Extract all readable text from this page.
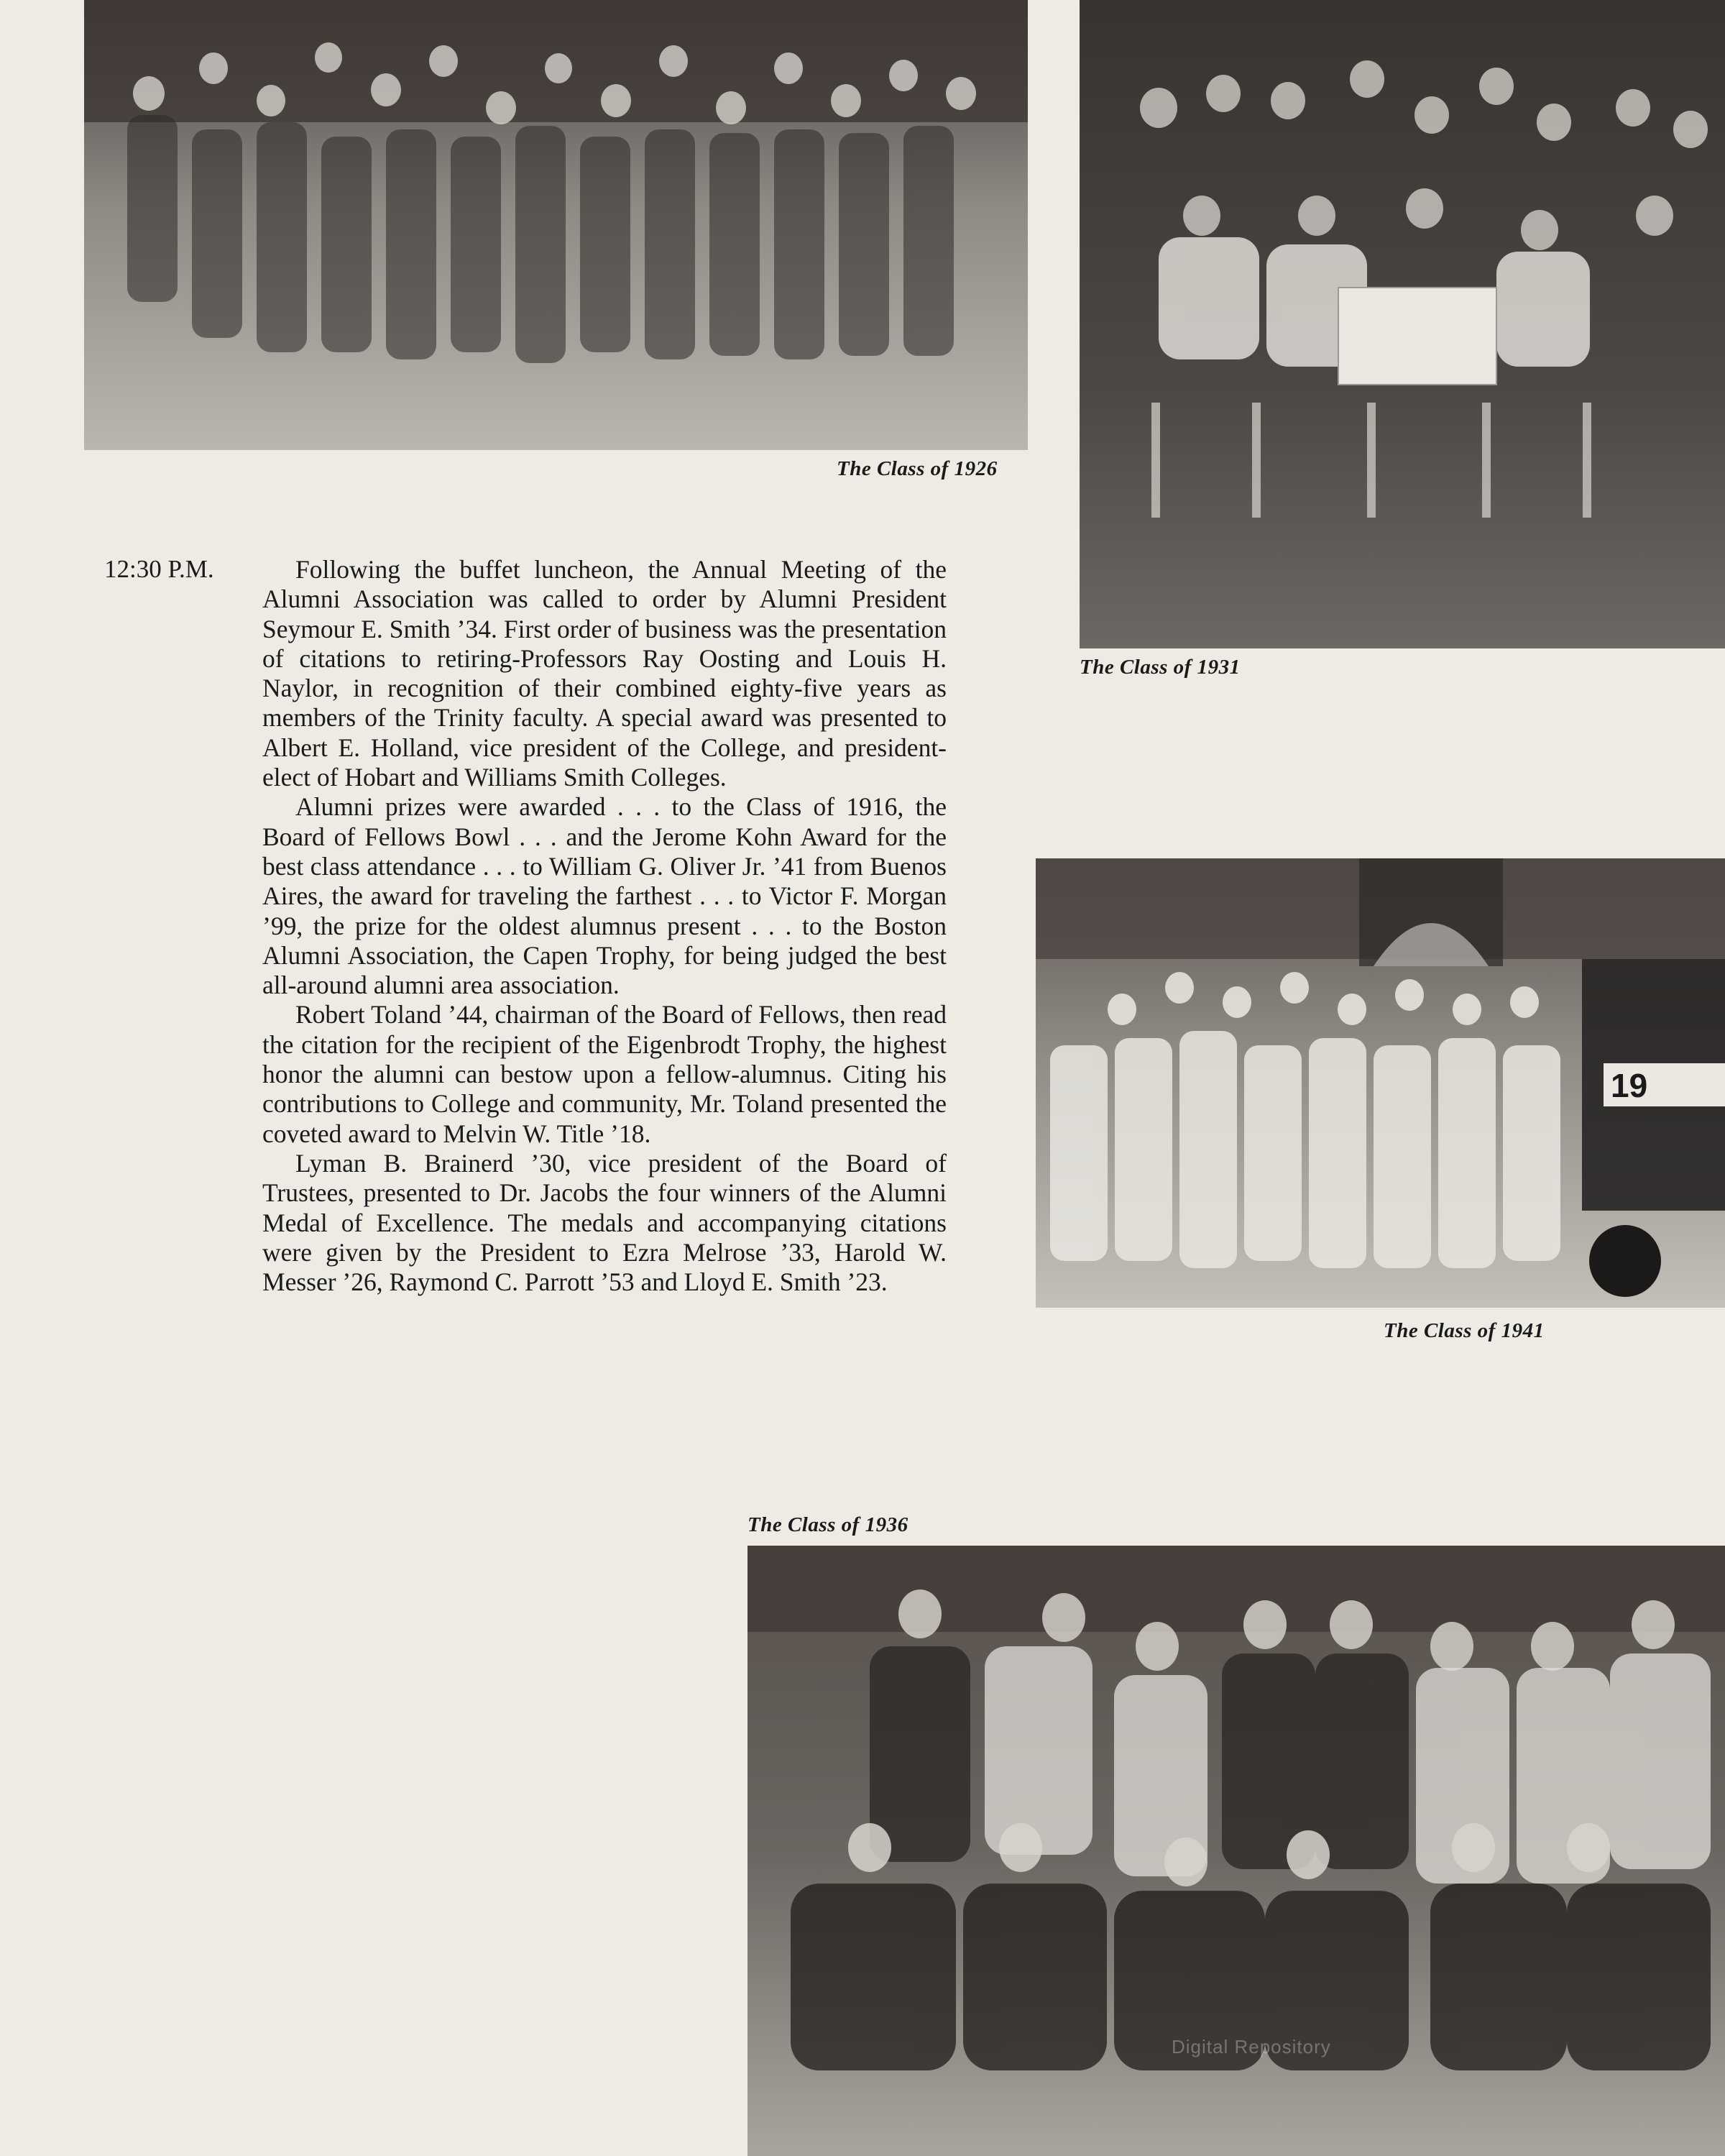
The Class of 1926
The Class of 1931
19
The Class of 1941
The Class of 1936
12:30 P.M.	Following the buffet luncheon, the Annual Meeting of the Alumni Association was called to order by Alumni President Seymour E. Smith ’34. First order of business was the presentation of citations to retiring-Professors Ray Oosting and Louis H. Naylor, in recognition of their combined eighty-five years as members of the Trinity faculty. A special award was presented to Albert E. Holland, vice president of the College, and president-elect of Hobart and Williams Smith Colleges.

Alumni prizes were awarded . . . to the Class of 1916, the Board of Fellows Bowl . . . and the Jerome Kohn Award for the best class attendance . . . to William G. Oliver Jr. ’41 from Buenos Aires, the award for traveling the farthest . . . to Victor F. Morgan ’99, the prize for the oldest alumnus present . . . to the Boston Alumni Association, the Capen Trophy, for being judged the best all-around alumni area association.

Robert Toland ’44, chairman of the Board of Fellows, then read the citation for the recipient of the Eigenbrodt Trophy, the highest honor the alumni can bestow upon a fellow-alumnus. Citing his contributions to College and community, Mr. Toland presented the coveted award to Melvin W. Title ’18.

Lyman B. Brainerd ’30, vice president of the Board of Trustees, presented to Dr. Jacobs the four winners of the Alumni Medal of Excellence. The medals and accompanying citations were given by the President to Ezra Melrose ’33, Harold W. Messer ’26, Raymond C. Parrott ’53 and Lloyd E. Smith ’23.

Digital Repository
